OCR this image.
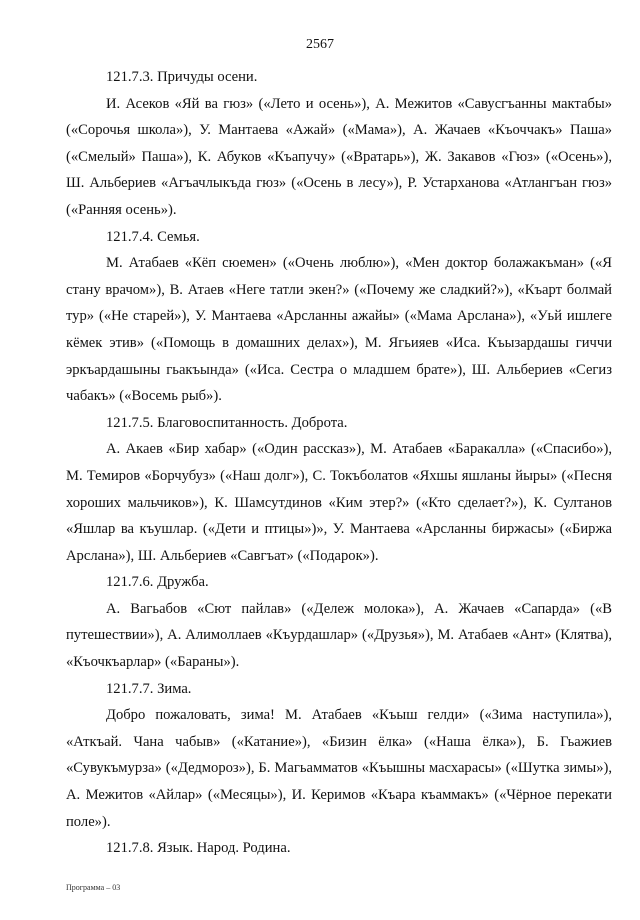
2567

121.7.3. Причуды осени.

И. Асеков «Яй ва гюз» («Лето и осень»), А. Межитов «Савусгъанны мактабы» («Сорочья школа»), У. Мантаева «Ажай» («Мама»), А. Жачаев «Къоччакъ» Паша» («Смелый» Паша»), К. Абуков «Къапучу» («Вратарь»), Ж. Закавов «Гюз» («Осень»), Ш. Альбериев «Агъачлыкъда гюз» («Осень в лесу»), Р. Устарханова «Атлангъан гюз» («Ранняя осень»).

121.7.4. Семья.

М. Атабаев «Кёп сюемен» («Очень люблю»), «Мен доктор болажакъман» («Я стану врачом»), В. Атаев «Неге татли экен?» («Почему же сладкий?»), «Къарт болмай тур» («Не старей»), У. Мантаева «Арсланны ажайы» («Мама Арслана»), «Уьй ишлеге кёмек этив» («Помощь в домашних делах»), М. Ягьияев «Иса. Къызардашы гиччи эркъардашыны гьакъында» («Иса. Сестра о младшем брате»), Ш. Альбериев «Сегиз чабакъ» («Восемь рыб»).

121.7.5. Благовоспитанность. Доброта.

А. Акаев «Бир хабар» («Один рассказ»), М. Атабаев «Баракалла» («Спасибо»), М. Темиров «Борчубуз» («Наш долг»), С. Токъболатов «Яхшы яшланы йыры» («Песня хороших мальчиков»), К. Шамсутдинов «Ким этер?» («Кто сделает?»), К. Султанов «Яшлар ва къушлар. («Дети и птицы»)», У. Мантаева «Арсланны биржасы» («Биржа Арслана»), Ш. Альбериев «Савгъат» («Подарок»).

121.7.6. Дружба.

А. Вагьабов «Сют пайлав» («Дележ молока»), А. Жачаев «Сапарда» («В путешествии»), А. Алимоллаев «Къурдашлар» («Друзья»), М. Атабаев «Ант» (Клятва), «Къочкъарлар» («Бараны»).

121.7.7. Зима.

Добро пожаловать, зима! М. Атабаев «Къыш гелди» («Зима наступила»), «Аткъай. Чана чабыв» («Катание»), «Бизин ёлка» («Наша ёлка»), Б. Гьажиев «Сувукъмурза» («Дедмороз»), Б. Магьамматов «Къышны масхарасы» («Шутка зимы»), А. Межитов «Айлар» («Месяцы»), И. Керимов «Къара къаммакъ» («Чёрное перекати поле»).

121.7.8. Язык. Народ. Родина.

Программа – 03
